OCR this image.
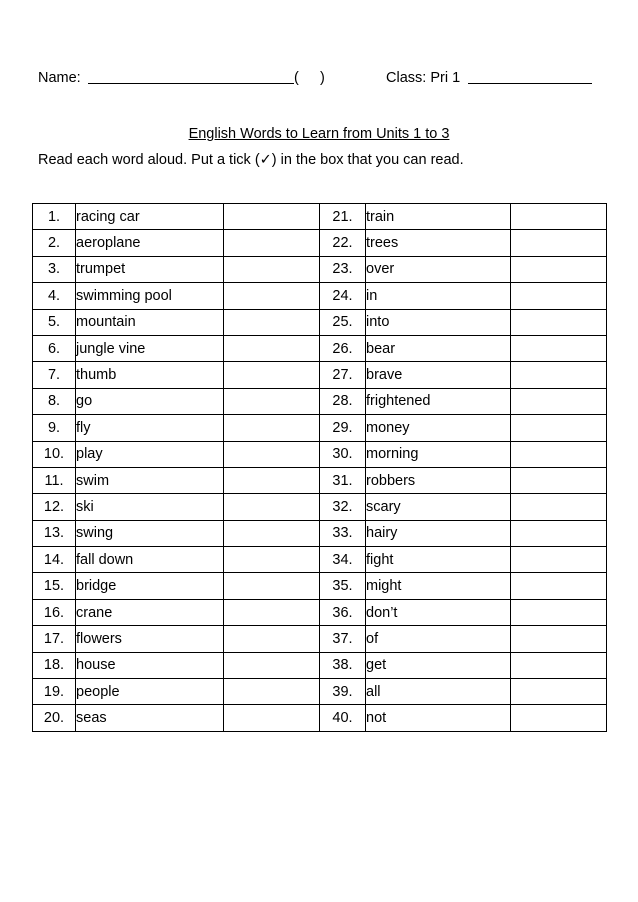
Name:	( )	Class: Pri 1
English Words to Learn from Units 1 to 3
Read each word aloud. Put a tick (✓) in the box that you can read.
1.	racing car		21.	train	
2.	aeroplane		22.	trees	
3.	trumpet		23.	over	
4.	swimming pool		24.	in	
5.	mountain		25.	into	
6.	jungle vine		26.	bear	
7.	thumb		27.	brave	
8.	go		28.	frightened	
9.	fly		29.	money	
10.	play		30.	morning	
11.	swim		31.	robbers	
12.	ski		32.	scary	
13.	swing		33.	hairy	
14.	fall down		34.	fight	
15.	bridge		35.	might	
16.	crane		36.	don’t	
17.	flowers		37.	of	
18.	house		38.	get	
19.	people		39.	all	
20.	seas		40.	not	
